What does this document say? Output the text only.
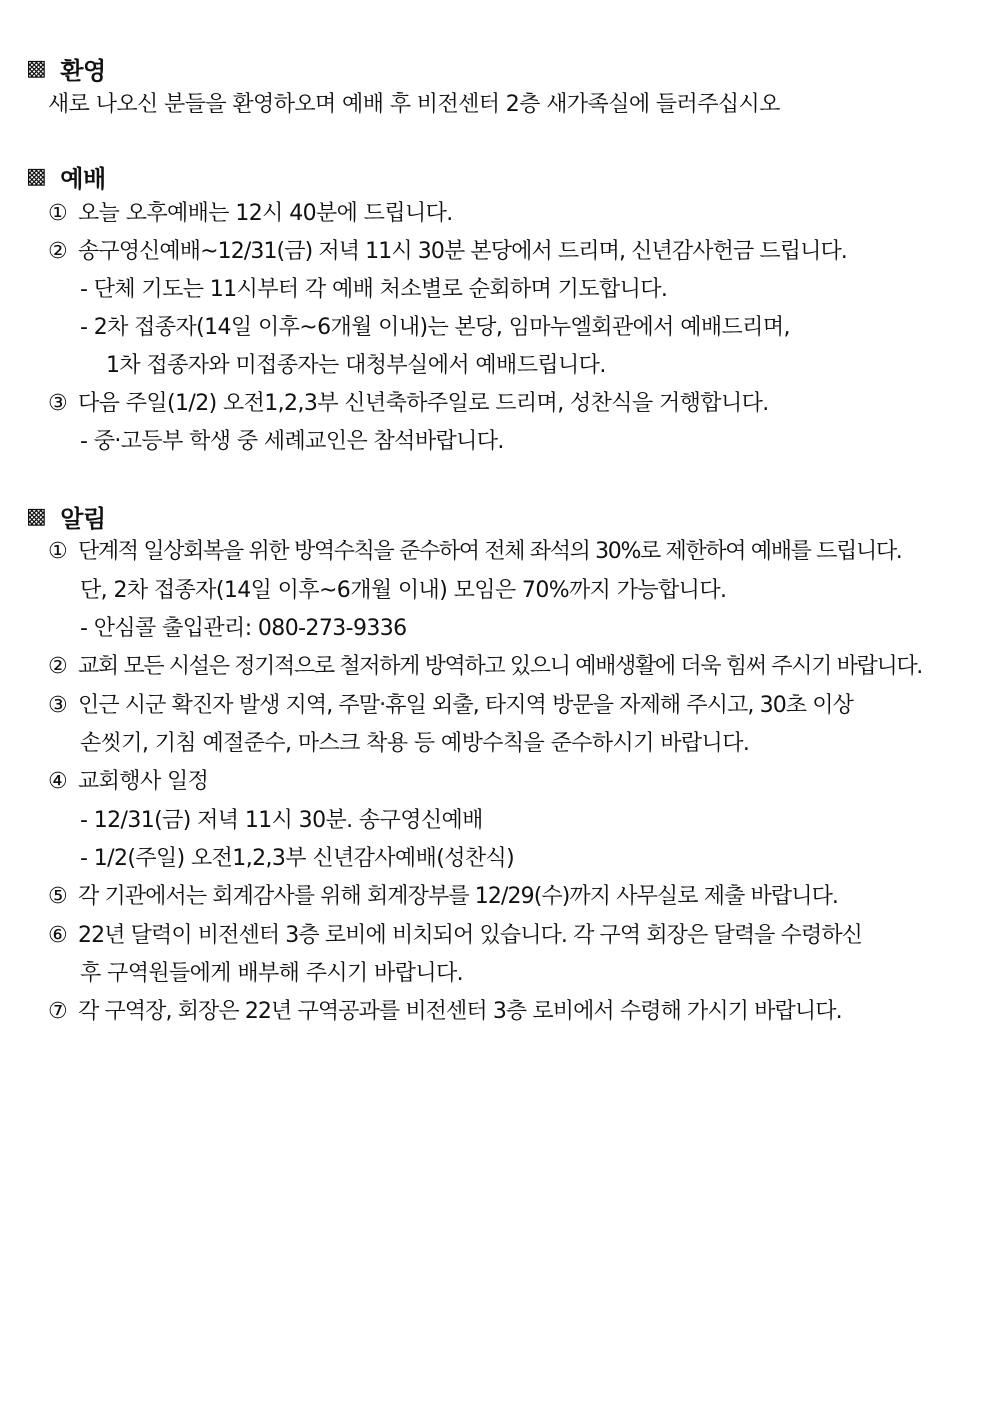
▩ 환영
새로 나오신 분들을 환영하오며 예배 후 비전센터 2층 새가족실에 들러주십시오
▩ 예배
① 오늘 오후예배는 12시 40분에 드립니다.
② 송구영신예배~12/31(금) 저녁 11시 30분 본당에서 드리며, 신년감사헌금 드립니다.
- 단체 기도는 11시부터 각 예배 처소별로 순회하며 기도합니다.
- 2차 접종자(14일 이후~6개월 이내)는 본당, 임마누엘회관에서 예배드리며,
1차 접종자와 미접종자는 대청부실에서 예배드립니다.
③ 다음 주일(1/2) 오전1,2,3부 신년축하주일로 드리며, 성찬식을 거행합니다.
- 중‧고등부 학생 중 세례교인은 참석바랍니다.
▩ 알림
① 단계적 일상회복을 위한 방역수칙을 준수하여 전체 좌석의 30%로 제한하여 예배를 드립니다.
단, 2차 접종자(14일 이후~6개월 이내) 모임은 70%까지 가능합니다.
- 안심콜 출입관리: 080-273-9336
② 교회 모든 시설은 정기적으로 철저하게 방역하고 있으니 예배생활에 더욱 힘써 주시기 바랍니다.
③ 인근 시군 확진자 발생 지역, 주말‧휴일 외출, 타지역 방문을 자제해 주시고, 30초 이상
손씻기, 기침 예절준수, 마스크 착용 등 예방수칙을 준수하시기 바랍니다.
④ 교회행사 일정
- 12/31(금) 저녁 11시 30분. 송구영신예배
- 1/2(주일) 오전1,2,3부 신년감사예배(성찬식)
⑤ 각 기관에서는 회계감사를 위해 회계장부를 12/29(수)까지 사무실로 제출 바랍니다.
⑥ 22년 달력이 비전센터 3층 로비에 비치되어 있습니다. 각 구역 회장은 달력을 수령하신
후 구역원들에게 배부해 주시기 바랍니다.
⑦ 각 구역장, 회장은 22년 구역공과를 비전센터 3층 로비에서 수령해 가시기 바랍니다.
